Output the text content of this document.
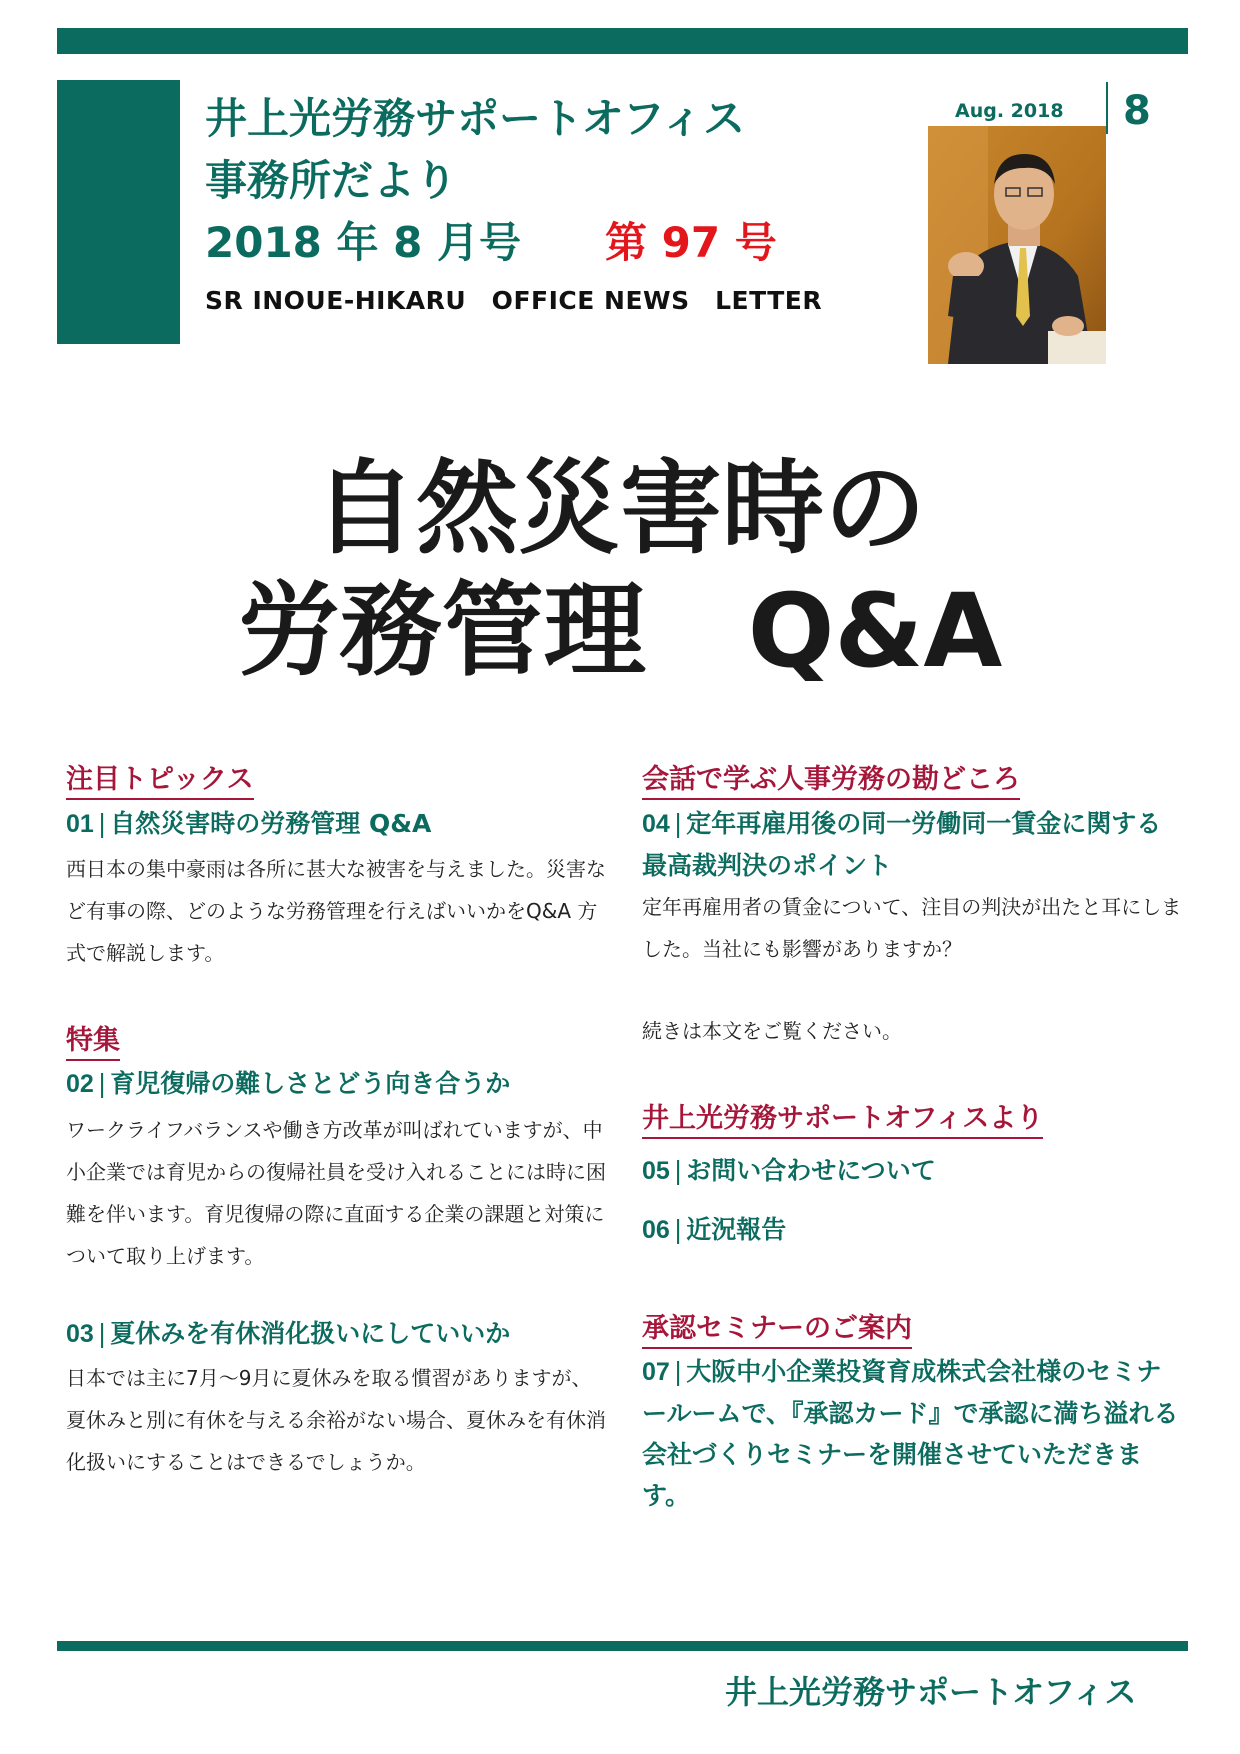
井上光労務サポートオフィス
事務所だより
2018 年 8 月号 第 97 号
SR INOUE-HIKARU　OFFICE NEWS　LETTER
Aug. 2018 8
自然災害時の
労務管理　Q&A
注目トピックス
01 | 自然災害時の労務管理 Q&A
西日本の集中豪雨は各所に甚大な被害を与えました。災害など有事の際、どのような労務管理を行えばいいかをQ&A 方式で解説します。
特集
02 | 育児復帰の難しさとどう向き合うか
ワークライフバランスや働き方改革が叫ばれていますが、中小企業では育児からの復帰社員を受け入れることには時に困難を伴います。育児復帰の際に直面する企業の課題と対策について取り上げます。
03 | 夏休みを有休消化扱いにしていいか
日本では主に7月～9月に夏休みを取る慣習がありますが、夏休みと別に有休を与える余裕がない場合、夏休みを有休消化扱いにすることはできるでしょうか。
会話で学ぶ人事労務の勘どころ
04 | 定年再雇用後の同一労働同一賃金に関する最高裁判決のポイント
定年再雇用者の賃金について、注目の判決が出たと耳にしました。当社にも影響がありますか？
続きは本文をご覧ください。
井上光労務サポートオフィスより
05 | お問い合わせについて
06 | 近況報告
承認セミナーのご案内
07 | 大阪中小企業投資育成株式会社様のセミナールームで、『承認カード』で承認に満ち溢れる会社づくりセミナーを開催させていただきます。
井上光労務サポートオフィス
